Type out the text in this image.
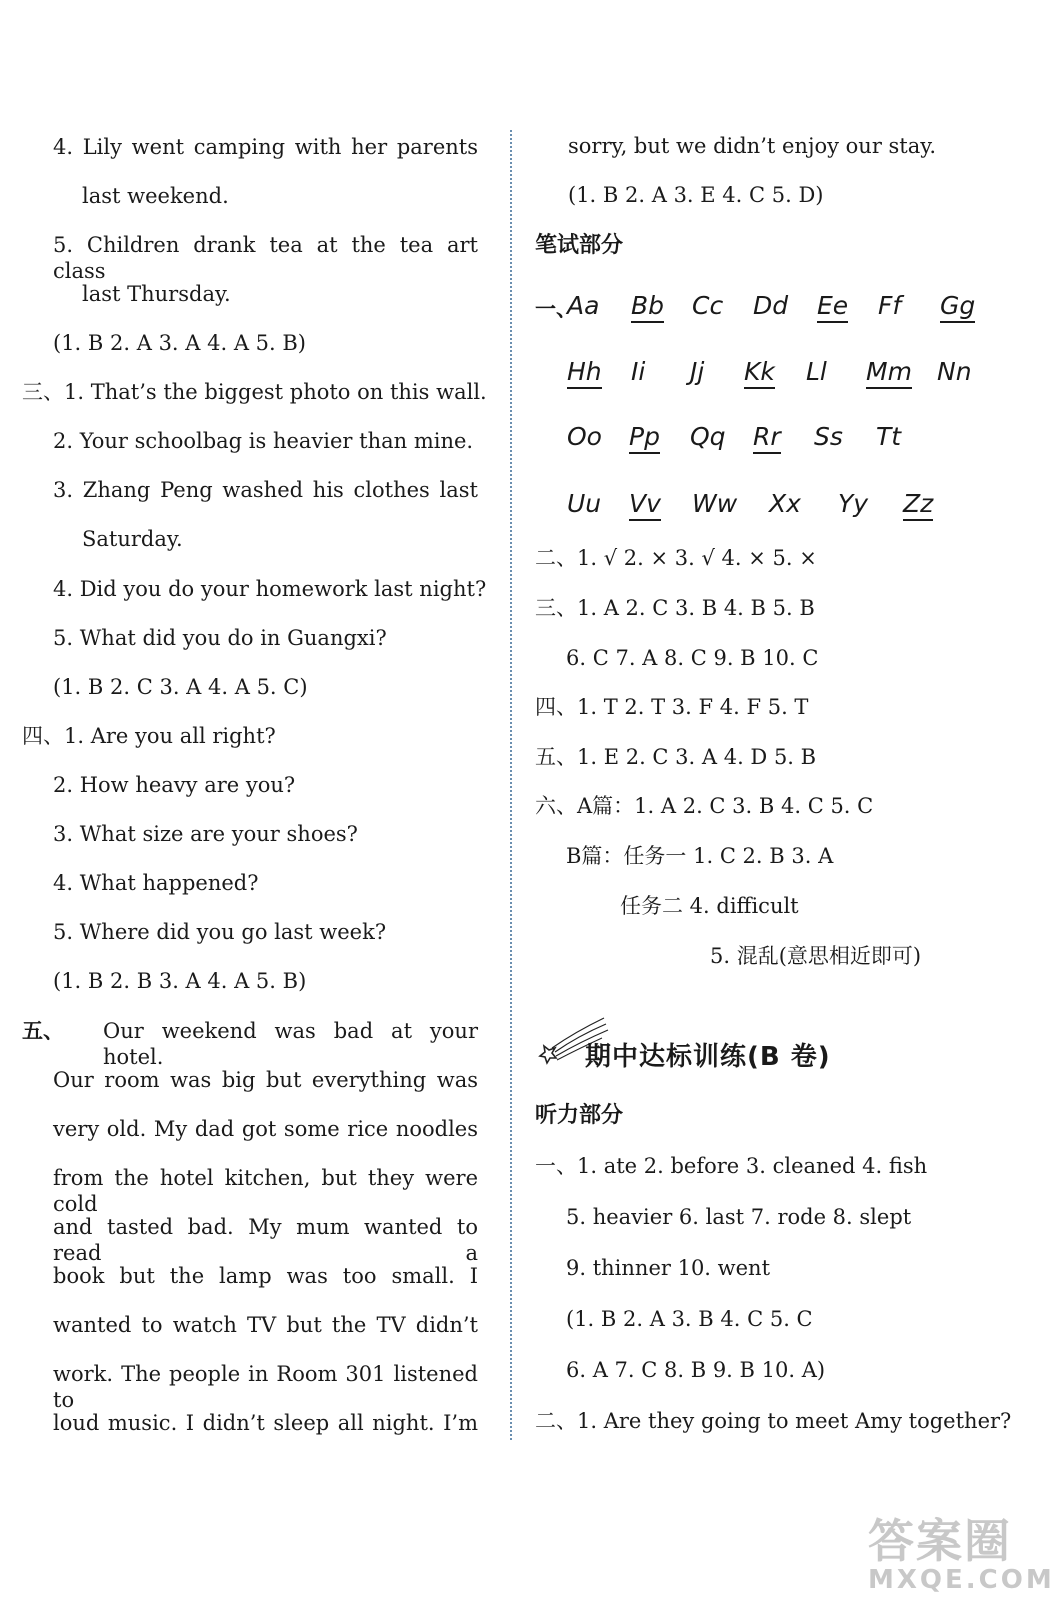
4. Lily went camping with her parents
last weekend.
5. Children drank tea at the tea art class
last Thursday.
(1. B 2. A 3. A 4. A 5. B)
三、1. That’s the biggest photo on this wall.
2. Your schoolbag is heavier than mine.
3. Zhang Peng washed his clothes last
Saturday.
4. Did you do your homework last night?
5. What did you do in Guangxi?
(1. B 2. C 3. A 4. A 5. C)
四、1. Are you all right?
2. How heavy are you?
3. What size are your shoes?
4. What happened?
5. Where did you go last week?
(1. B 2. B 3. A 4. A 5. B)
五、 Our weekend was bad at your hotel.
Our room was big but everything was
very old. My dad got some rice noodles
from the hotel kitchen, but they were cold
and tasted bad. My mum wanted to read a
book but the lamp was too small. I
wanted to watch TV but the TV didn’t
work. The people in Room 301 listened to
loud music. I didn’t sleep all night. I’m
sorry, but we didn’t enjoy our stay.
(1. B 2. A 3. E 4. C 5. D)
笔试部分
一、
Aa Bb Cc Dd Ee Ff Gg
Hh Ii Jj Kk Ll Mm Nn
Oo Pp Qq Rr Ss Tt
Uu Vv Ww Xx Yy Zz
二、1. √ 2. × 3. √ 4. × 5. ×
三、1. A 2. C 3. B 4. B 5. B
6. C 7. A 8. C 9. B 10. C
四、1. T 2. T 3. F 4. F 5. T
五、1. E 2. C 3. A 4. D 5. B
六、A篇：1. A 2. C 3. B 4. C 5. C
B篇：任务一 1. C 2. B 3. A
任务二 4. difficult
5. 混乱(意思相近即可)
期中达标训练(B 卷)
听力部分
一、1. ate 2. before 3. cleaned 4. fish
5. heavier 6. last 7. rode 8. slept
9. thinner 10. went
(1. B 2. A 3. B 4. C 5. C
6. A 7. C 8. B 9. B 10. A)
二、1. Are they going to meet Amy together?
答案圈
MXQE.COM
